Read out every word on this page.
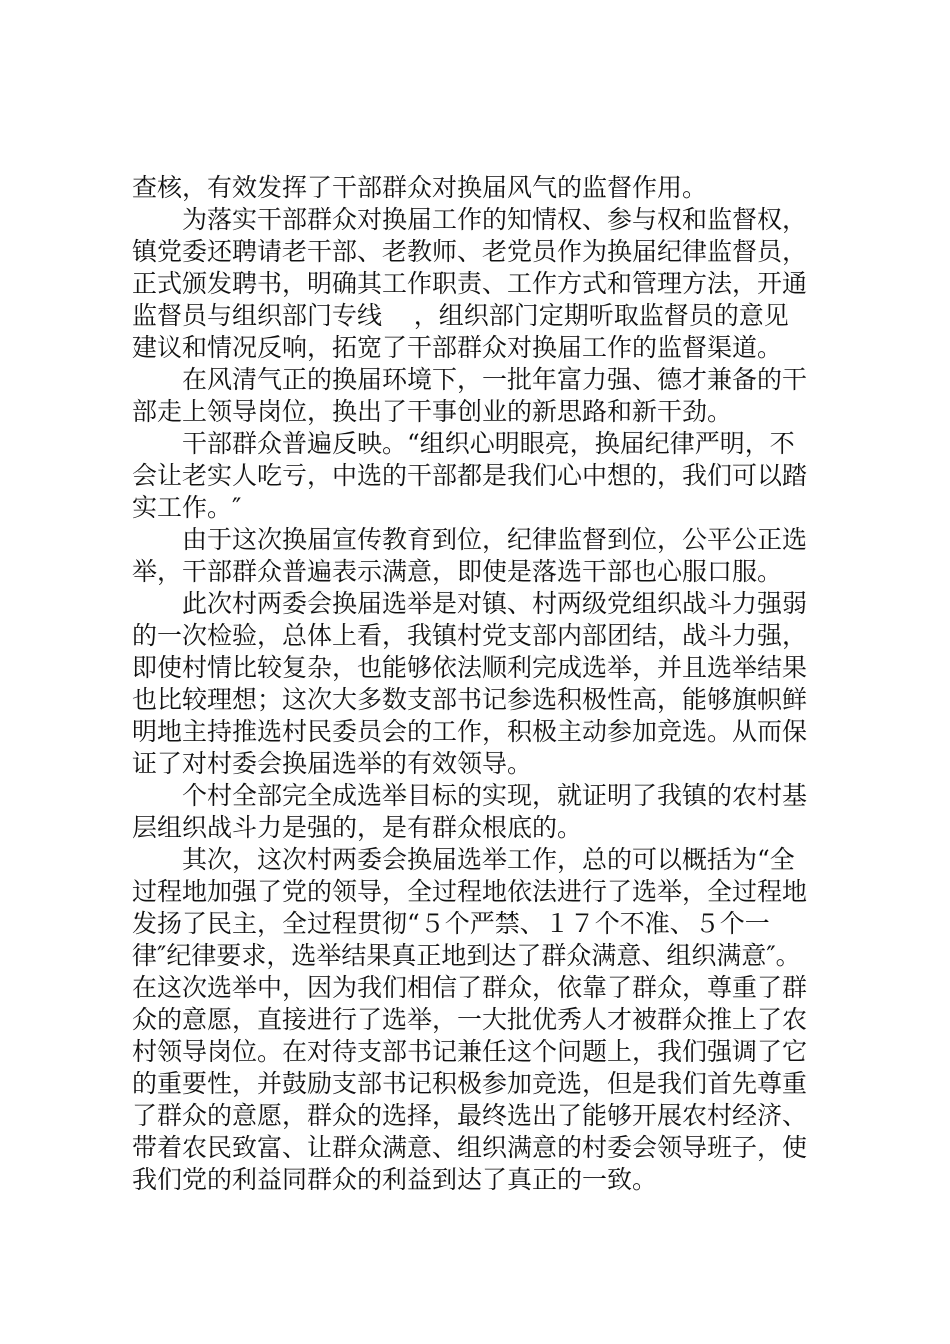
查核，有效发挥了干部群众对换届风气的监督作用。
为落实干部群众对换届工作的知情权、参与权和监督权，
镇党委还聘请老干部、老教师、老党员作为换届纪律监督员，
正式颁发聘书，明确其工作职责、工作方式和管理方法，开通
监督员与组织部门专线    ，组织部门定期听取监督员的意见
建议和情况反响，拓宽了干部群众对换届工作的监督渠道。
在风清气正的换届环境下，一批年富力强、德才兼备的干
部走上领导岗位，换出了干事创业的新思路和新干劲。
干部群众普遍反映。“组织心明眼亮，换届纪律严明，不
会让老实人吃亏，中选的干部都是我们心中想的，我们可以踏
实工作。″
由于这次换届宣传教育到位，纪律监督到位，公平公正选
举，干部群众普遍表示满意，即使是落选干部也心服口服。
此次村两委会换届选举是对镇、村两级党组织战斗力强弱
的一次检验，总体上看，我镇村党支部内部团结，战斗力强，
即使村情比较复杂，也能够依法顺利完成选举，并且选举结果
也比较理想；这次大多数支部书记参选积极性高，能够旗帜鲜
明地主持推选村民委员会的工作，积极主动参加竞选。从而保
证了对村委会换届选举的有效领导。
个村全部完全成选举目标的实现，就证明了我镇的农村基
层组织战斗力是强的，是有群众根底的。
其次，这次村两委会换届选举工作，总的可以概括为“全
过程地加强了党的领导，全过程地依法进行了选举，全过程地
发扬了民主，全过程贯彻“５个严禁、１７个不准、５个一
律″纪律要求，选举结果真正地到达了群众满意、组织满意″。
在这次选举中，因为我们相信了群众，依靠了群众，尊重了群
众的意愿，直接进行了选举，一大批优秀人才被群众推上了农
村领导岗位。在对待支部书记兼任这个问题上，我们强调了它
的重要性，并鼓励支部书记积极参加竞选，但是我们首先尊重
了群众的意愿，群众的选择，最终选出了能够开展农村经济、
带着农民致富、让群众满意、组织满意的村委会领导班子，使
我们党的利益同群众的利益到达了真正的一致。
